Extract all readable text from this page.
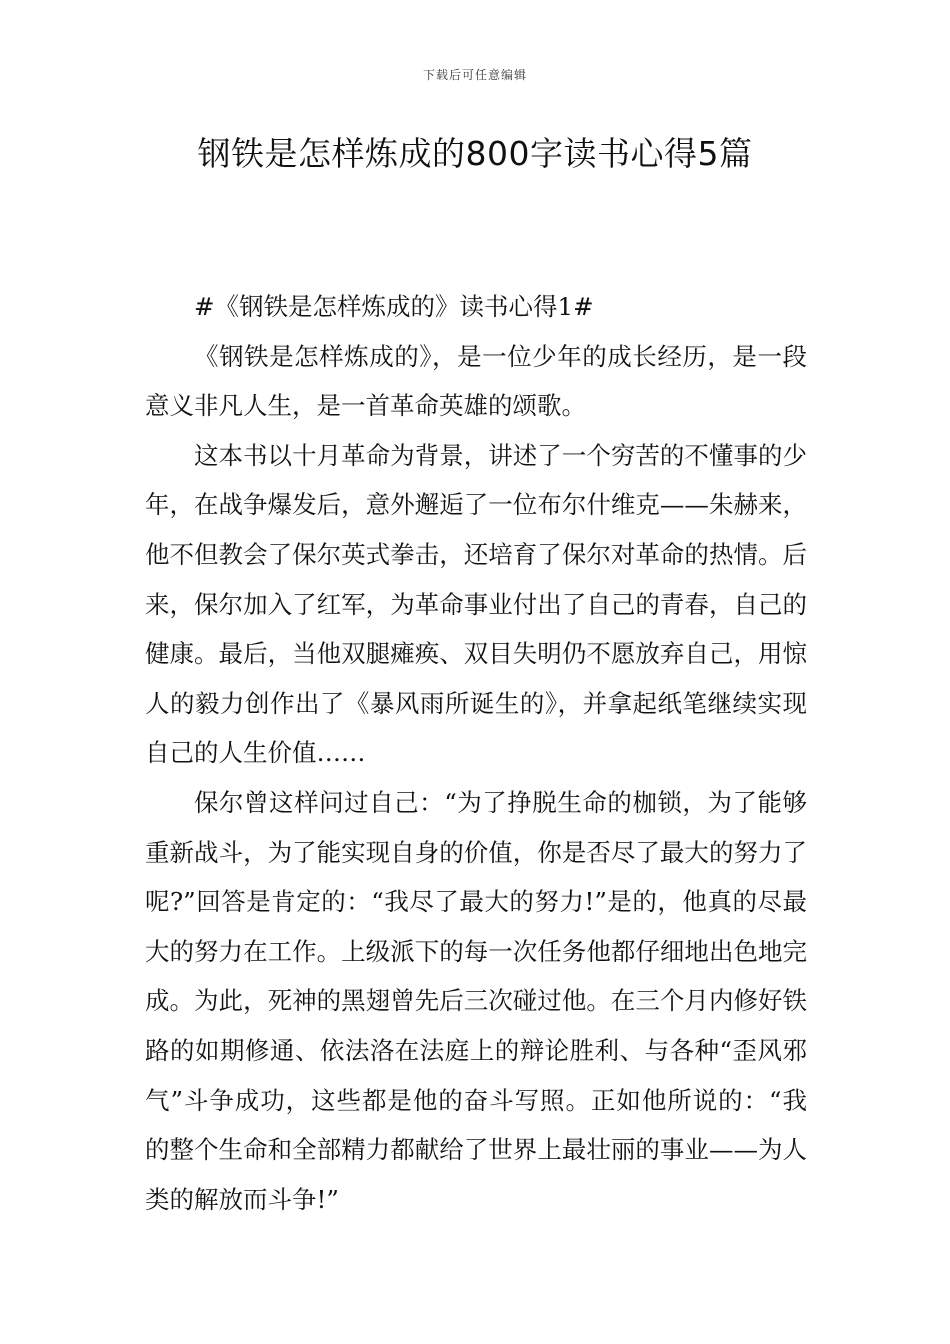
下载后可任意编辑
钢铁是怎样炼成的800字读书心得5篇

#《钢铁是怎样炼成的》读书心得1#

《钢铁是怎样炼成的》，是一位少年的成长经历，是一段意义非凡人生，是一首革命英雄的颂歌。

这本书以十月革命为背景，讲述了一个穷苦的不懂事的少年，在战争爆发后，意外邂逅了一位布尔什维克——朱赫来，他不但教会了保尔英式拳击，还培育了保尔对革命的热情。后来，保尔加入了红军，为革命事业付出了自己的青春，自己的健康。最后，当他双腿瘫痪、双目失明仍不愿放弃自己，用惊人的毅力创作出了《暴风雨所诞生的》，并拿起纸笔继续实现自己的人生价值……

保尔曾这样问过自己：“为了挣脱生命的枷锁，为了能够重新战斗，为了能实现自身的价值，你是否尽了最大的努力了呢?”回答是肯定的：“我尽了最大的努力!”是的，他真的尽最大的努力在工作。上级派下的每一次任务他都仔细地出色地完成。为此，死神的黑翅曾先后三次碰过他。在三个月内修好铁路的如期修通、依法洛在法庭上的辩论胜利、与各种“歪风邪气”斗争成功，这些都是他的奋斗写照。正如他所说的：“我的整个生命和全部精力都献给了世界上最壮丽的事业——为人类的解放而斗争!”
